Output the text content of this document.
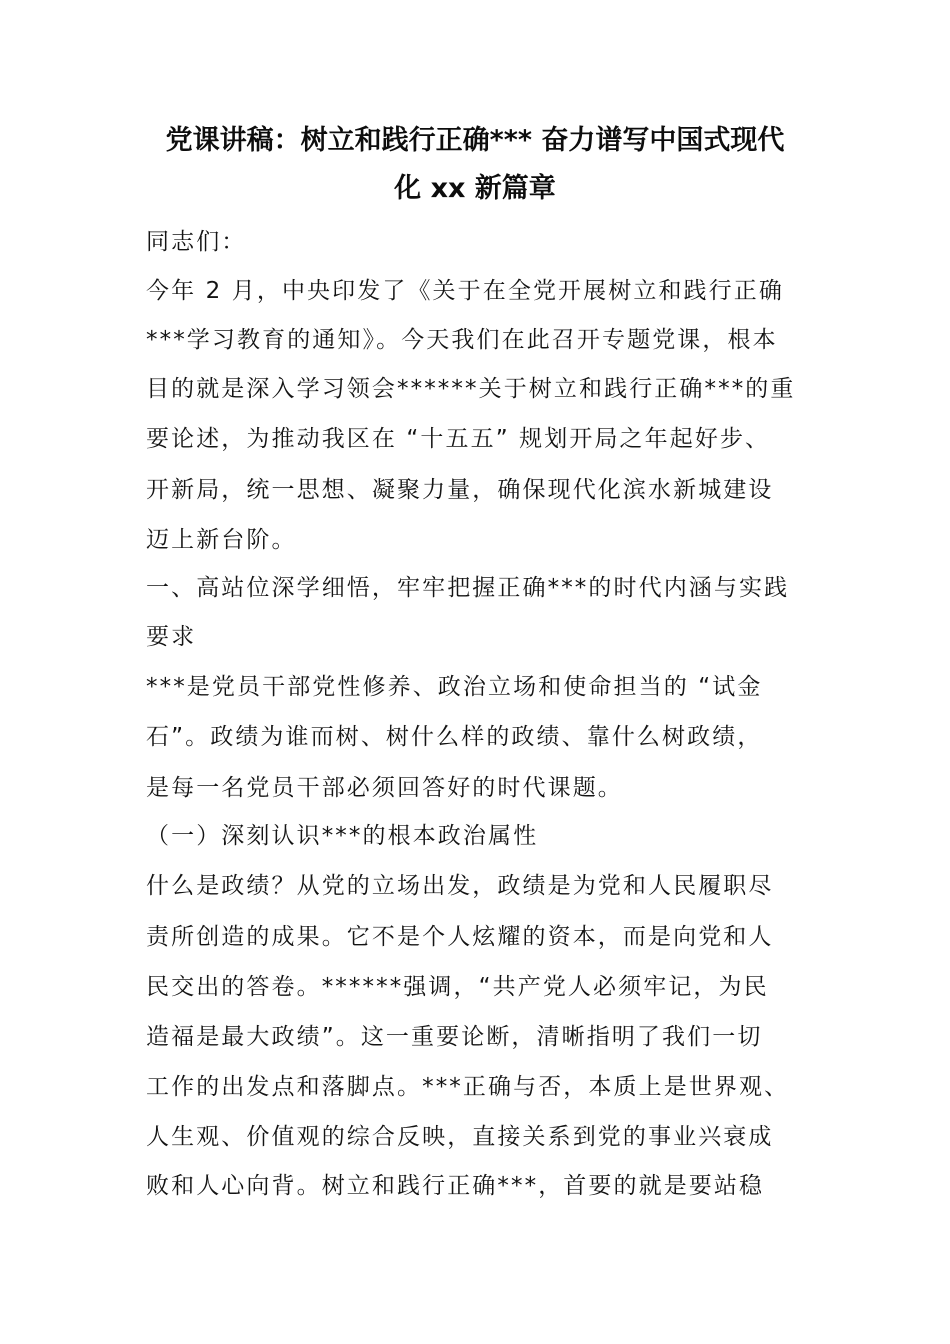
党课讲稿：树立和践行正确*** 奋力谱写中国式现代
化 xx 新篇章
同志们：
今年 2 月，中央印发了《关于在全党开展树立和践行正确
***学习教育的通知》。今天我们在此召开专题党课，根本
目的就是深入学习领会******关于树立和践行正确***的重
要论述，为推动我区在 “十五五” 规划开局之年起好步、
开新局，统一思想、凝聚力量，确保现代化滨水新城建设
迈上新台阶。
一、高站位深学细悟，牢牢把握正确***的时代内涵与实践
要求
***是党员干部党性修养、政治立场和使命担当的 “试金
石”。政绩为谁而树、树什么样的政绩、靠什么树政绩，
是每一名党员干部必须回答好的时代课题。
（一）深刻认识***的根本政治属性
什么是政绩？从党的立场出发，政绩是为党和人民履职尽
责所创造的成果。它不是个人炫耀的资本，而是向党和人
民交出的答卷。******强调，“共产党人必须牢记，为民
造福是最大政绩”。这一重要论断，清晰指明了我们一切
工作的出发点和落脚点。***正确与否，本质上是世界观、
人生观、价值观的综合反映，直接关系到党的事业兴衰成
败和人心向背。树立和践行正确***，首要的就是要站稳
